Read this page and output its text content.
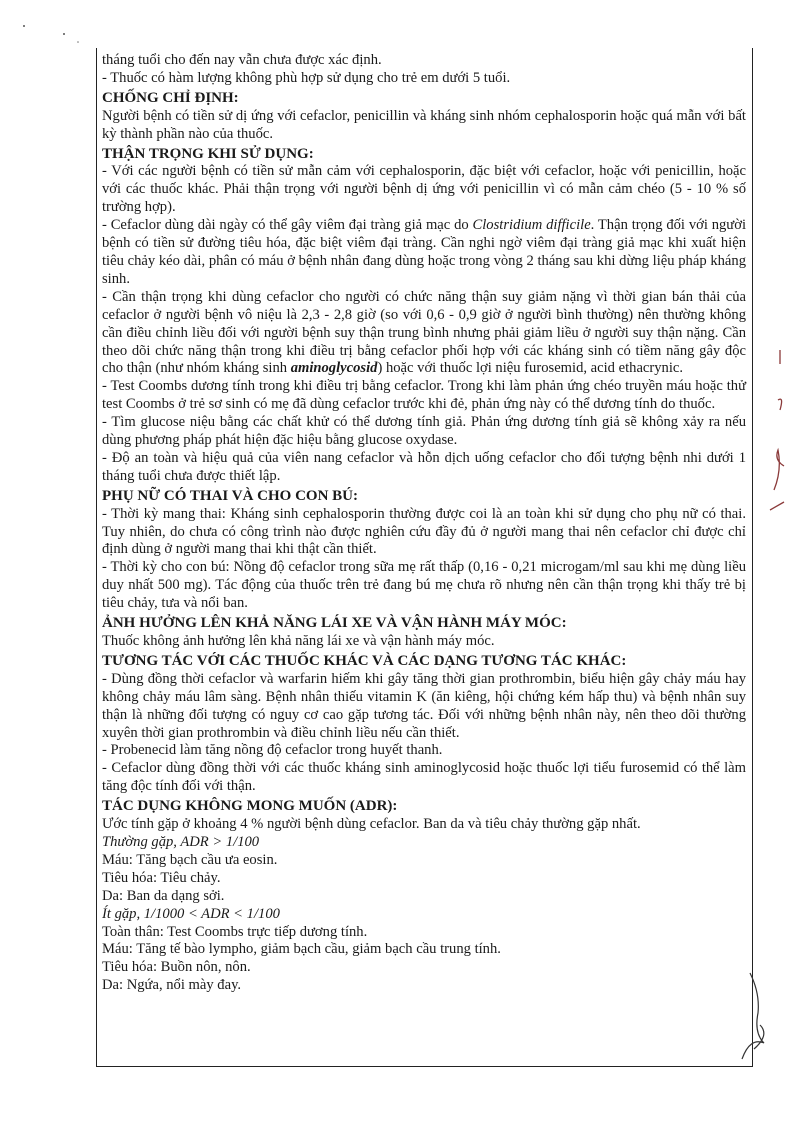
tháng tuổi cho đến nay vẫn chưa được xác định.

- Thuốc có hàm lượng không phù hợp sử dụng cho trẻ em dưới 5 tuổi.

CHỐNG CHỈ ĐỊNH:

Người bệnh có tiền sử dị ứng với cefaclor, penicillin và kháng sinh nhóm cephalosporin hoặc quá mẫn với bất kỳ thành phần nào của thuốc.

THẬN TRỌNG KHI SỬ DỤNG:

- Với các người bệnh có tiền sử mẫn cảm với cephalosporin, đặc biệt với cefaclor, hoặc với penicillin, hoặc với các thuốc khác. Phải thận trọng với người bệnh dị ứng với penicillin vì có mẫn cảm chéo (5 - 10 % số trường hợp).

- Cefaclor dùng dài ngày có thể gây viêm đại tràng giả mạc do Clostridium difficile. Thận trọng đối với người bệnh có tiền sử đường tiêu hóa, đặc biệt viêm đại tràng. Cần nghi ngờ viêm đại tràng giả mạc khi xuất hiện tiêu chảy kéo dài, phân có máu ở bệnh nhân đang dùng hoặc trong vòng 2 tháng sau khi dừng liệu pháp kháng sinh.

- Cần thận trọng khi dùng cefaclor cho người có chức năng thận suy giảm nặng vì thời gian bán thải của cefaclor ở người bệnh vô niệu là 2,3 - 2,8 giờ (so với 0,6 - 0,9 giờ ở người bình thường) nên thường không cần điều chỉnh liều đối với người bệnh suy thận trung bình nhưng phải giảm liều ở người suy thận nặng. Cần theo dõi chức năng thận trong khi điều trị bằng cefaclor phối hợp với các kháng sinh có tiềm năng gây độc cho thận (như nhóm kháng sinh aminoglycosid) hoặc với thuốc lợi niệu furosemid, acid ethacrynic.

- Test Coombs dương tính trong khi điều trị bằng cefaclor. Trong khi làm phản ứng chéo truyền máu hoặc thử test Coombs ở trẻ sơ sinh có mẹ đã dùng cefaclor trước khi đẻ, phản ứng này có thể dương tính do thuốc.

- Tìm glucose niệu bằng các chất khử có thể dương tính giả. Phản ứng dương tính giả sẽ không xảy ra nếu dùng phương pháp phát hiện đặc hiệu bằng glucose oxydase.

- Độ an toàn và hiệu quả của viên nang cefaclor và hỗn dịch uống cefaclor cho đối tượng bệnh nhi dưới 1 tháng tuổi chưa được thiết lập.

PHỤ NỮ CÓ THAI VÀ CHO CON BÚ:

- Thời kỳ mang thai: Kháng sinh cephalosporin thường được coi là an toàn khi sử dụng cho phụ nữ có thai. Tuy nhiên, do chưa có công trình nào được nghiên cứu đầy đủ ở người mang thai nên cefaclor chỉ được chỉ định dùng ở người mang thai khi thật cần thiết.

- Thời kỳ cho con bú: Nồng độ cefaclor trong sữa mẹ rất thấp (0,16 - 0,21 microgam/ml sau khi mẹ dùng liều duy nhất 500 mg). Tác động của thuốc trên trẻ đang bú mẹ chưa rõ nhưng nên cần thận trọng khi thấy trẻ bị tiêu chảy, tưa và nổi ban.

ẢNH HƯỞNG LÊN KHẢ NĂNG LÁI XE VÀ VẬN HÀNH MÁY MÓC:

Thuốc không ảnh hưởng lên khả năng lái xe và vận hành máy móc.

TƯƠNG TÁC VỚI CÁC THUỐC KHÁC VÀ CÁC DẠNG TƯƠNG TÁC KHÁC:

- Dùng đồng thời cefaclor và warfarin hiếm khi gây tăng thời gian prothrombin, biểu hiện gây chảy máu hay không chảy máu lâm sàng. Bệnh nhân thiếu vitamin K (ăn kiêng, hội chứng kém hấp thu) và bệnh nhân suy thận là những đối tượng có nguy cơ cao gặp tương tác. Đối với những bệnh nhân này, nên theo dõi thường xuyên thời gian prothrombin và điều chỉnh liều nếu cần thiết.

- Probenecid làm tăng nồng độ cefaclor trong huyết thanh.

- Cefaclor dùng đồng thời với các thuốc kháng sinh aminoglycosid hoặc thuốc lợi tiểu furosemid có thể làm tăng độc tính đối với thận.

TÁC DỤNG KHÔNG MONG MUỐN (ADR):

Ước tính gặp ở khoảng 4 % người bệnh dùng cefaclor. Ban da và tiêu chảy thường gặp nhất.

Thường gặp, ADR > 1/100

Máu: Tăng bạch cầu ưa eosin.

Tiêu hóa: Tiêu chảy.

Da: Ban da dạng sởi.

Ít gặp, 1/1000 < ADR < 1/100

Toàn thân: Test Coombs trực tiếp dương tính.

Máu: Tăng tế bào lympho, giảm bạch cầu, giảm bạch cầu trung tính.

Tiêu hóa: Buồn nôn, nôn.

Da: Ngứa, nổi mày đay.
